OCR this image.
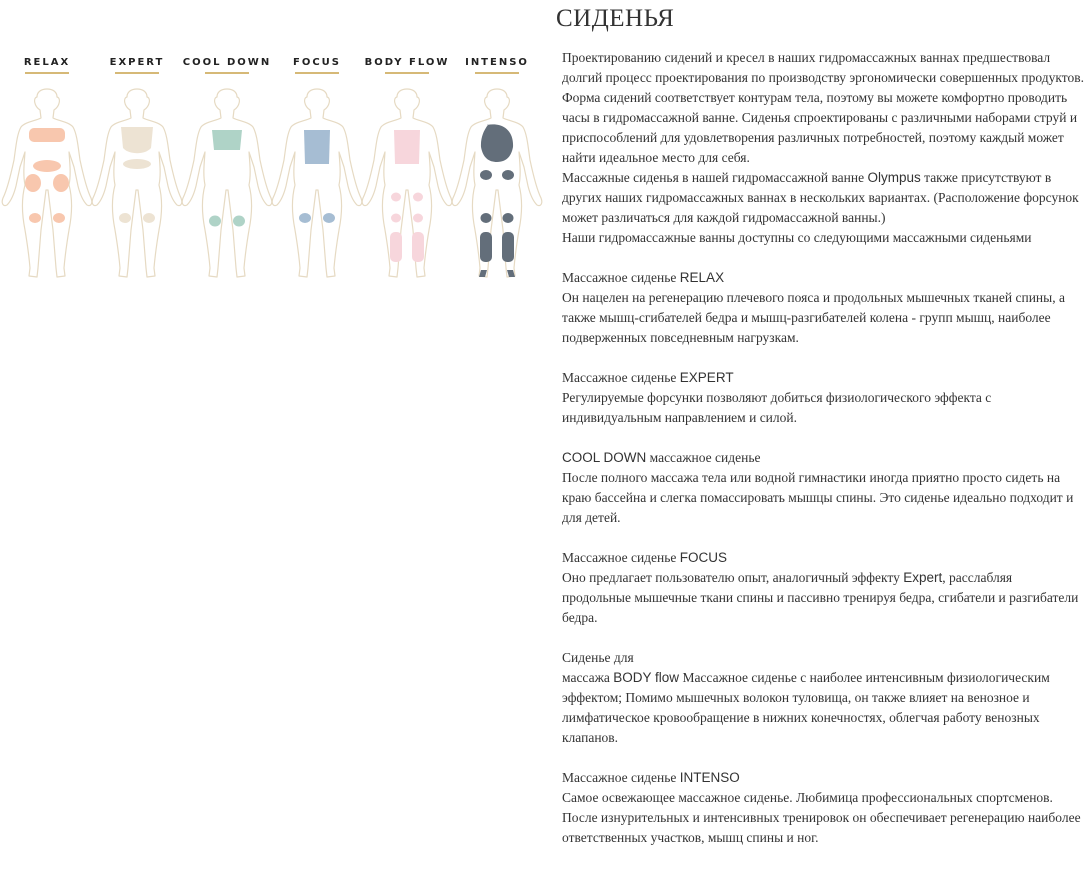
RELAX	EXPERT COOL DOWN FOCUS BODY FLOW INTENSO
СИДЕНЬЯ

Проектированию сидений и кресел в наших гидромассажных ваннах предшествовал долгий процесс проектирования по производству эргономически совершенных продуктов.

Форма сидений соответствует контурам тела, поэтому вы можете комфортно проводить часы в гидромассажной ванне. Сиденья спроектированы с различными наборами струй и приспособлений для удовлетворения различных потребностей, поэтому каждый может найти идеальное место для себя.

Массажные сиденья в нашей гидромассажной ванне Olympus также присутствуют в других наших гидромассажных ваннах в нескольких вариантах. (Расположение форсунок может различаться для каждой гидромассажной ванны.)

Наши гидромассажные ванны доступны со следующими массажными сиденьями

Массажное сиденье RELAX

Он нацелен на регенерацию плечевого пояса и продольных мышечных тканей спины, а также мышц-сгибателей бедра и мышц-разгибателей колена - групп мышц, наиболее подверженных повседневным нагрузкам.

Массажное сиденье EXPERT

Регулируемые форсунки позволяют добиться физиологического эффекта с индивидуальным направлением и силой.

COOL DOWN массажное сиденье

После полного массажа тела или водной гимнастики иногда приятно просто сидеть на краю бассейна и слегка помассировать мышцы спины. Это сиденье идеально подходит и для детей.

Массажное сиденье FOCUS

Оно предлагает пользователю опыт, аналогичный эффекту Expert, расслабляя продольные мышечные ткани спины и пассивно тренируя бедра, сгибатели и разгибатели бедра.

Сиденье для

массажа BODY flow Массажное сиденье с наиболее интенсивным физиологическим эффектом; Помимо мышечных волокон туловища, он также влияет на венозное и лимфатическое кровообращение в нижних конечностях, облегчая работу венозных клапанов.

Массажное сиденье INTENSO

Самое освежающее массажное сиденье. Любимица профессиональных спортсменов. После изнурительных и интенсивных тренировок он обеспечивает регенерацию наиболее ответственных участков, мышц спины и ног.
